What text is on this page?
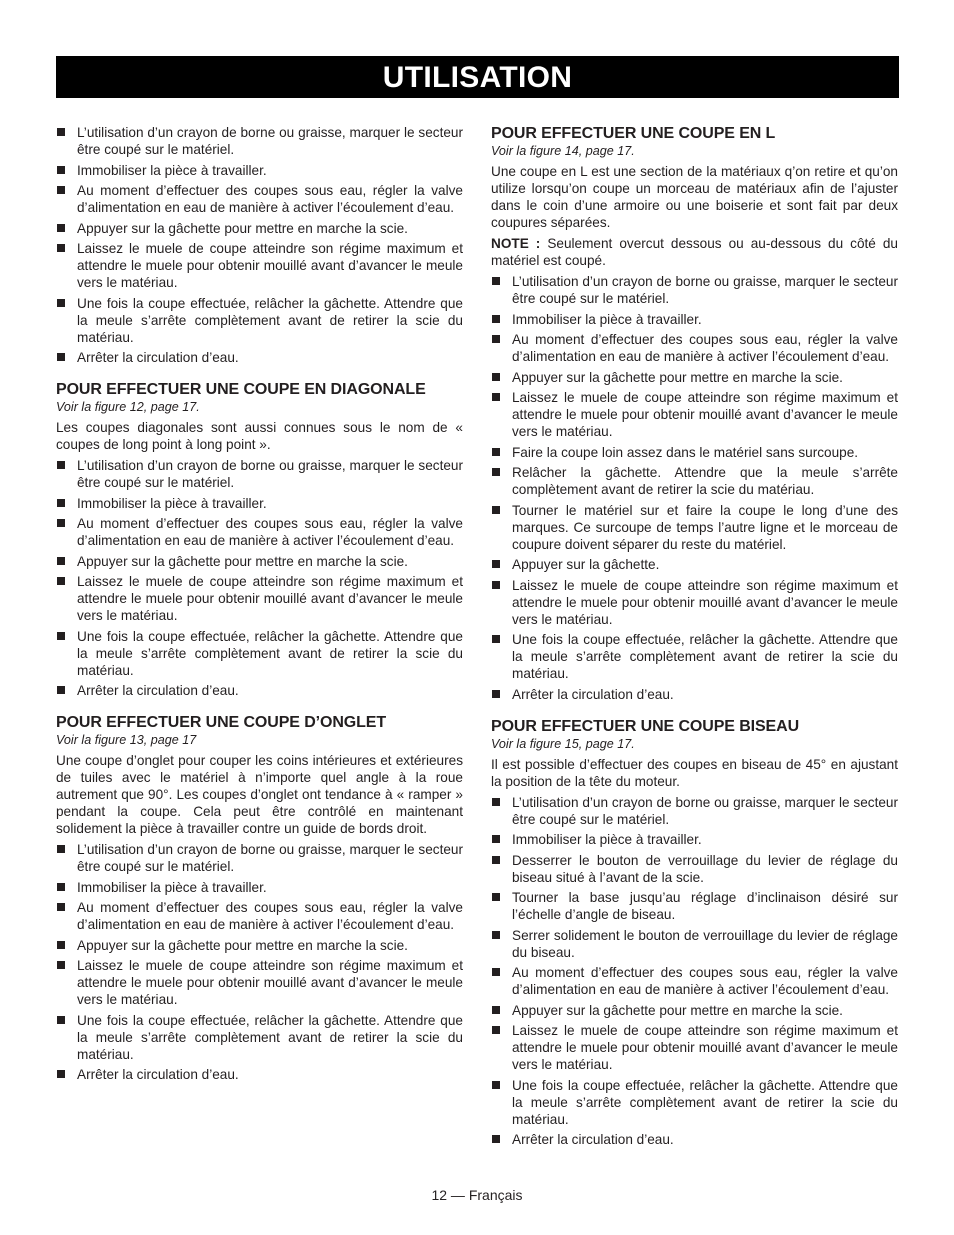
UTILISATION
L’utilisation d’un crayon de borne ou graisse, marquer le secteur être coupé sur le matériel.
Immobiliser la pièce à travailler.
Au moment d’effectuer des coupes sous eau, régler la valve d’alimentation en eau de manière à activer l’écoulement d’eau.
Appuyer sur la gâchette pour mettre en marche la scie.
Laissez le muele de coupe atteindre son régime maximum et attendre le muele pour obtenir mouillé avant d’avancer le meule vers le matériau.
Une fois la coupe effectuée, relâcher la gâchette. Attendre que la meule s’arrête complètement avant de retirer la scie du matériau.
Arrêter la circulation d’eau.
POUR EFFECTUER UNE COUPE EN DIAGONALE
Voir la figure 12, page 17.

Les coupes diagonales sont aussi connues sous le nom de « coupes de long point à long point ».

L’utilisation d’un crayon de borne ou graisse, marquer le secteur être coupé sur le matériel.
Immobiliser la pièce à travailler.
Au moment d’effectuer des coupes sous eau, régler la valve d’alimentation en eau de manière à activer l’écoulement d’eau.
Appuyer sur la gâchette pour mettre en marche la scie.
Laissez le muele de coupe atteindre son régime maximum et attendre le muele pour obtenir mouillé avant d’avancer le meule vers le matériau.
Une fois la coupe effectuée, relâcher la gâchette. Attendre que la meule s’arrête complètement avant de retirer la scie du matériau.
Arrêter la circulation d’eau.
POUR EFFECTUER UNE COUPE D’ONGLET
Voir la figure 13, page 17

Une coupe d’onglet pour couper les coins intérieures et extérieures de tuiles avec le matériel à n’importe quel angle à la roue autrement que 90°. Les coupes d’onglet ont tendance à « ramper » pendant la coupe. Cela peut être contrôlé en maintenant solidement la pièce à travailler contre un guide de bords droit.

L’utilisation d’un crayon de borne ou graisse, marquer le secteur être coupé sur le matériel.
Immobiliser la pièce à travailler.
Au moment d’effectuer des coupes sous eau, régler la valve d’alimentation en eau de manière à activer l’écoulement d’eau.
Appuyer sur la gâchette pour mettre en marche la scie.
Laissez le muele de coupe atteindre son régime maximum et attendre le muele pour obtenir mouillé avant d’avancer le meule vers le matériau.
Une fois la coupe effectuée, relâcher la gâchette. Attendre que la meule s’arrête complètement avant de retirer la scie du matériau.
Arrêter la circulation d’eau.
POUR EFFECTUER UNE COUPE EN L
Voir la figure 14, page 17.

Une coupe en L est une section de la matériaux q’on retire et qu’on utilize lorsqu’on coupe un morceau de matériaux afin de l’ajuster dans le coin d’une armoire ou une boiserie et sont fait par deux coupures séparées.

NOTE : Seulement overcut dessous ou au-dessous du côté du matériel est coupé.

L’utilisation d’un crayon de borne ou graisse, marquer le secteur être coupé sur le matériel.
Immobiliser la pièce à travailler.
Au moment d’effectuer des coupes sous eau, régler la valve d’alimentation en eau de manière à activer l’écoulement d’eau.
Appuyer sur la gâchette pour mettre en marche la scie.
Laissez le muele de coupe atteindre son régime maximum et attendre le muele pour obtenir mouillé avant d’avancer le meule vers le matériau.
Faire la coupe loin assez dans le matériel sans surcoupe.
Relâcher la gâchette. Attendre que la meule s’arrête complètement avant de retirer la scie du matériau.
Tourner le matériel sur et faire la coupe le long d’une des marques. Ce surcoupe de temps l’autre ligne et le morceau de coupure doivent séparer du reste du matériel.
Appuyer sur la gâchette.
Laissez le muele de coupe atteindre son régime maximum et attendre le muele pour obtenir mouillé avant d’avancer le meule vers le matériau.
Une fois la coupe effectuée, relâcher la gâchette. Attendre que la meule s’arrête complètement avant de retirer la scie du matériau.
Arrêter la circulation d’eau.
POUR EFFECTUER UNE COUPE BISEAU
Voir la figure 15, page 17.

Il est possible d’effectuer des coupes en biseau de 45° en ajustant la position de la tête du moteur.

L’utilisation d’un crayon de borne ou graisse, marquer le secteur être coupé sur le matériel.
Immobiliser la pièce à travailler.
Desserrer le bouton de verrouillage du levier de réglage du biseau situé à l’avant de la scie.
Tourner la base jusqu’au réglage d’inclinaison désiré sur l’échelle d’angle de biseau.
Serrer solidement le bouton de verrouillage du levier de réglage du biseau.
Au moment d’effectuer des coupes sous eau, régler la valve d’alimentation en eau de manière à activer l’écoulement d’eau.
Appuyer sur la gâchette pour mettre en marche la scie.
Laissez le muele de coupe atteindre son régime maximum et attendre le muele pour obtenir mouillé avant d’avancer le meule vers le matériau.
Une fois la coupe effectuée, relâcher la gâchette. Attendre que la meule s’arrête complètement avant de retirer la scie du matériau.
Arrêter la circulation d’eau.
12 — Français
